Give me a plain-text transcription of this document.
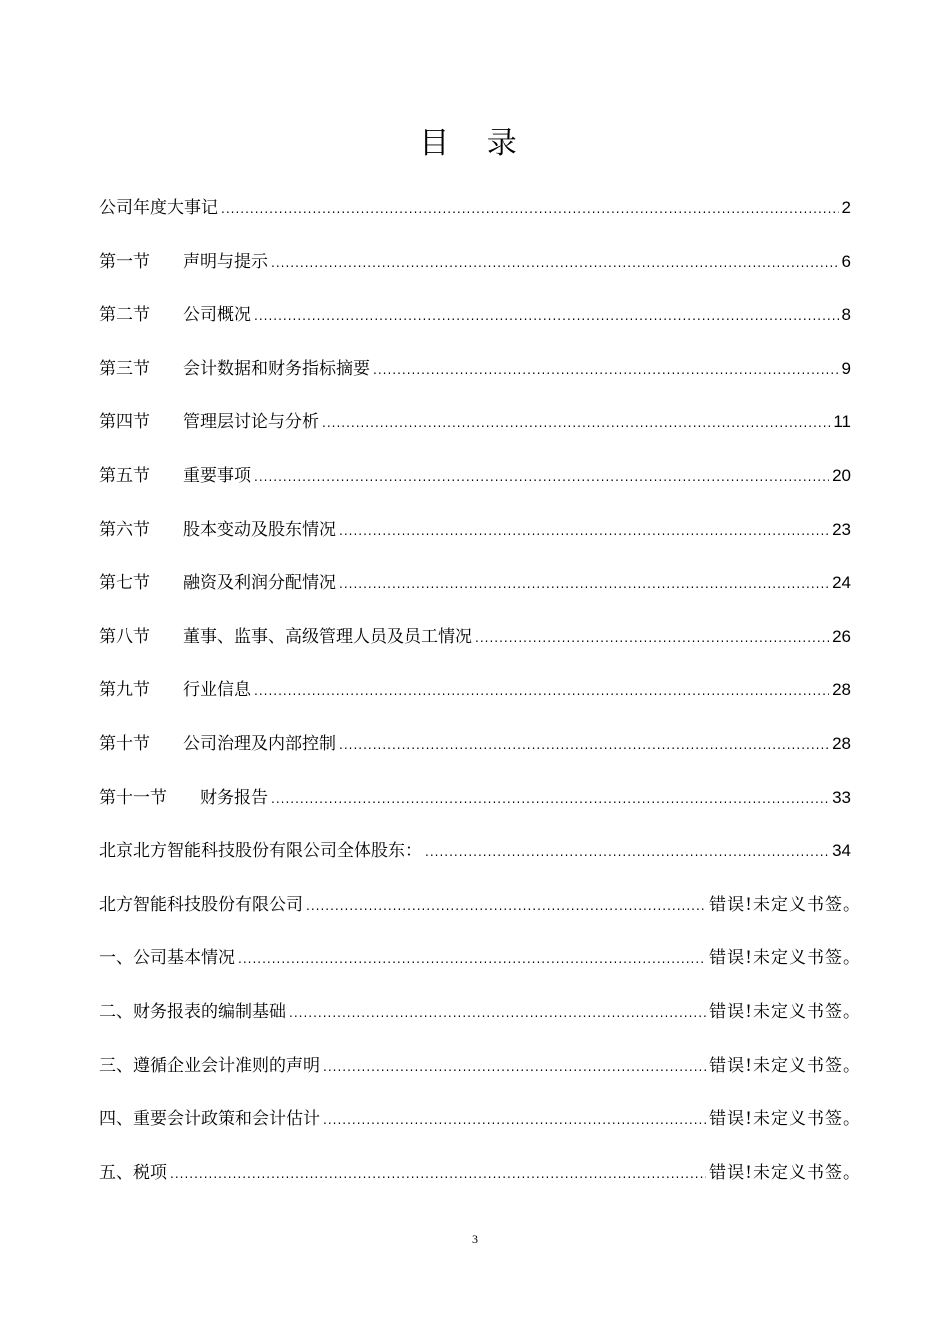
目 录
公司年度大事记 .....	2
第一节 声明与提示 .....	6
第二节 公司概况 .....	8
第三节 会计数据和财务指标摘要 .....	9
第四节 管理层讨论与分析 .....	11
第五节 重要事项 .....	20
第六节 股本变动及股东情况 .....	23
第七节 融资及利润分配情况 .....	24
第八节 董事、监事、高级管理人员及员工情况 .....	26
第九节 行业信息 .....	28
第十节 公司治理及内部控制 .....	28
第十一节 财务报告 .....	33
北京北方智能科技股份有限公司全体股东： .....	34
北方智能科技股份有限公司 .....	错误!未定义书签。
一、公司基本情况 .....	错误!未定义书签。
二、财务报表的编制基础 .....	错误!未定义书签。
三、遵循企业会计准则的声明 .....	错误!未定义书签。
四、重要会计政策和会计估计 .....	错误!未定义书签。
五、税项 .....	错误!未定义书签。
3
